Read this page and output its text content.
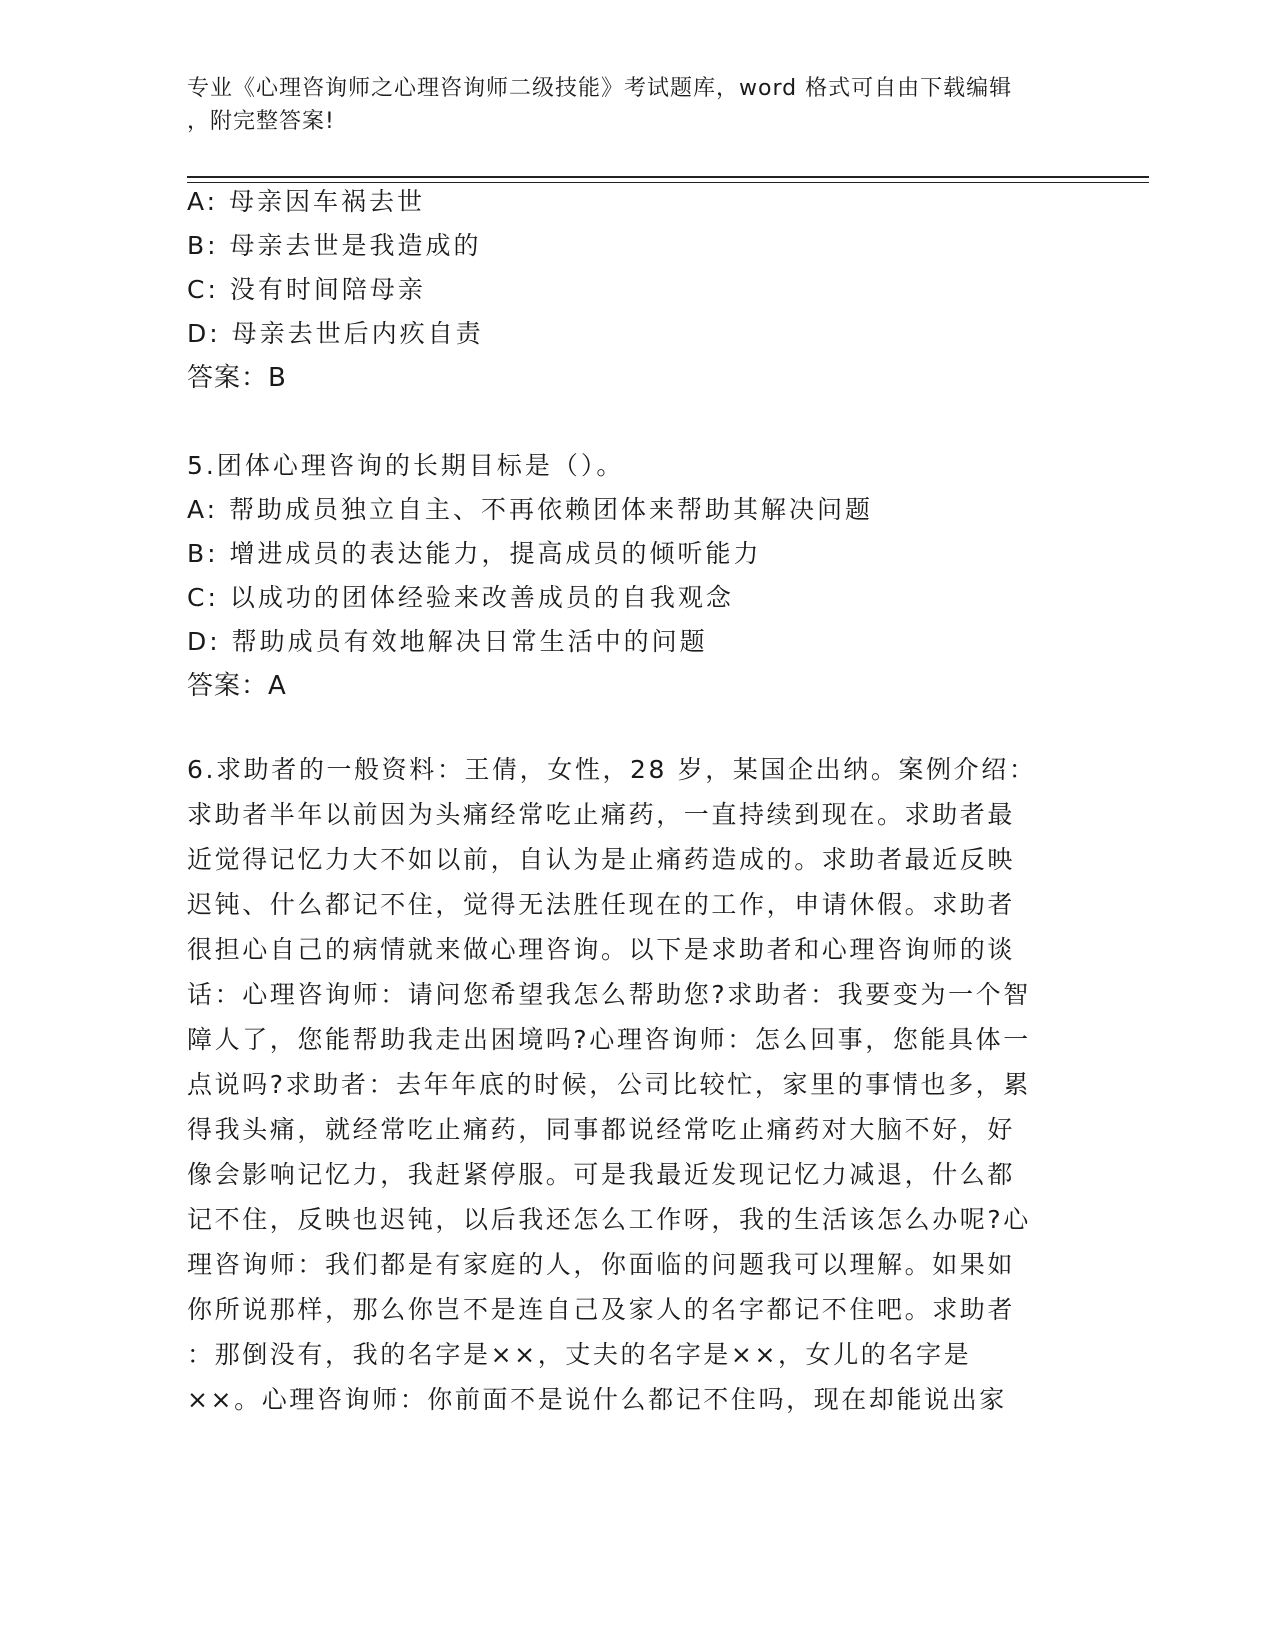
专业《心理咨询师之心理咨询师二级技能》考试题库，word 格式可自由下载编辑
，附完整答案!
A: 母亲因车祸去世
B: 母亲去世是我造成的
C: 没有时间陪母亲
D: 母亲去世后内疚自责
答案：B
5.团体心理咨询的长期目标是（）。
A: 帮助成员独立自主、不再依赖团体来帮助其解决问题
B: 增进成员的表达能力，提高成员的倾听能力
C: 以成功的团体经验来改善成员的自我观念
D: 帮助成员有效地解决日常生活中的问题
答案：A
6.求助者的一般资料：王倩，女性，28 岁，某国企出纳。案例介绍：
求助者半年以前因为头痛经常吃止痛药，一直持续到现在。求助者最
近觉得记忆力大不如以前，自认为是止痛药造成的。求助者最近反映
迟钝、什么都记不住，觉得无法胜任现在的工作，申请休假。求助者
很担心自己的病情就来做心理咨询。以下是求助者和心理咨询师的谈
话：心理咨询师：请问您希望我怎么帮助您?求助者：我要变为一个智
障人了，您能帮助我走出困境吗?心理咨询师：怎么回事，您能具体一
点说吗?求助者：去年年底的时候，公司比较忙，家里的事情也多，累
得我头痛，就经常吃止痛药，同事都说经常吃止痛药对大脑不好，好
像会影响记忆力，我赶紧停服。可是我最近发现记忆力减退，什么都
记不住，反映也迟钝，以后我还怎么工作呀，我的生活该怎么办呢?心
理咨询师：我们都是有家庭的人，你面临的问题我可以理解。如果如
你所说那样，那么你岂不是连自己及家人的名字都记不住吧。求助者
：那倒没有，我的名字是××，丈夫的名字是××，女儿的名字是
××。心理咨询师：你前面不是说什么都记不住吗，现在却能说出家
